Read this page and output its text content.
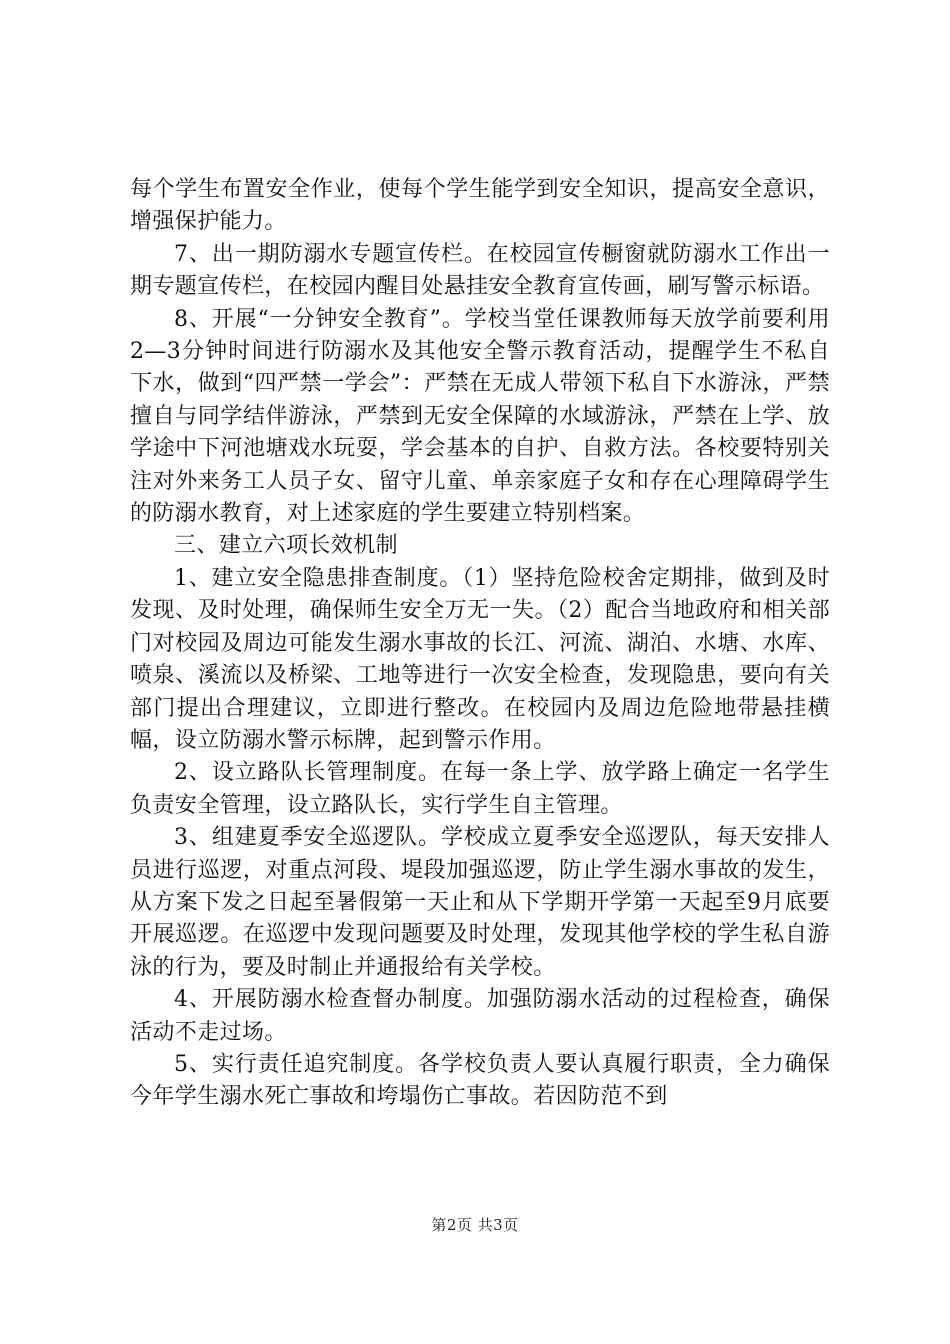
每个学生布置安全作业，使每个学生能学到安全知识，提高安全意识，增强保护能力。

7、出一期防溺水专题宣传栏。在校园宣传橱窗就防溺水工作出一期专题宣传栏，在校园内醒目处悬挂安全教育宣传画，刷写警示标语。

8、开展“一分钟安全教育”。学校当堂任课教师每天放学前要利用2—3分钟时间进行防溺水及其他安全警示教育活动，提醒学生不私自下水，做到“四严禁一学会”：严禁在无成人带领下私自下水游泳，严禁擅自与同学结伴游泳，严禁到无安全保障的水域游泳，严禁在上学、放学途中下河池塘戏水玩耍，学会基本的自护、自救方法。各校要特别关注对外来务工人员子女、留守儿童、单亲家庭子女和存在心理障碍学生的防溺水教育，对上述家庭的学生要建立特别档案。

三、建立六项长效机制

1、建立安全隐患排查制度。（1）坚持危险校舍定期排，做到及时发现、及时处理，确保师生安全万无一失。（2）配合当地政府和相关部门对校园及周边可能发生溺水事故的长江、河流、湖泊、水塘、水库、喷泉、溪流以及桥梁、工地等进行一次安全检查，发现隐患，要向有关部门提出合理建议，立即进行整改。在校园内及周边危险地带悬挂横幅，设立防溺水警示标牌，起到警示作用。

2、设立路队长管理制度。在每一条上学、放学路上确定一名学生负责安全管理，设立路队长，实行学生自主管理。

3、组建夏季安全巡逻队。学校成立夏季安全巡逻队，每天安排人员进行巡逻，对重点河段、堤段加强巡逻，防止学生溺水事故的发生，从方案下发之日起至暑假第一天止和从下学期开学第一天起至9月底要开展巡逻。在巡逻中发现问题要及时处理，发现其他学校的学生私自游泳的行为，要及时制止并通报给有关学校。

4、开展防溺水检查督办制度。加强防溺水活动的过程检查，确保活动不走过场。

5、实行责任追究制度。各学校负责人要认真履行职责，全力确保今年学生溺水死亡事故和垮塌伤亡事故。若因防范不到

第2页 共3页
